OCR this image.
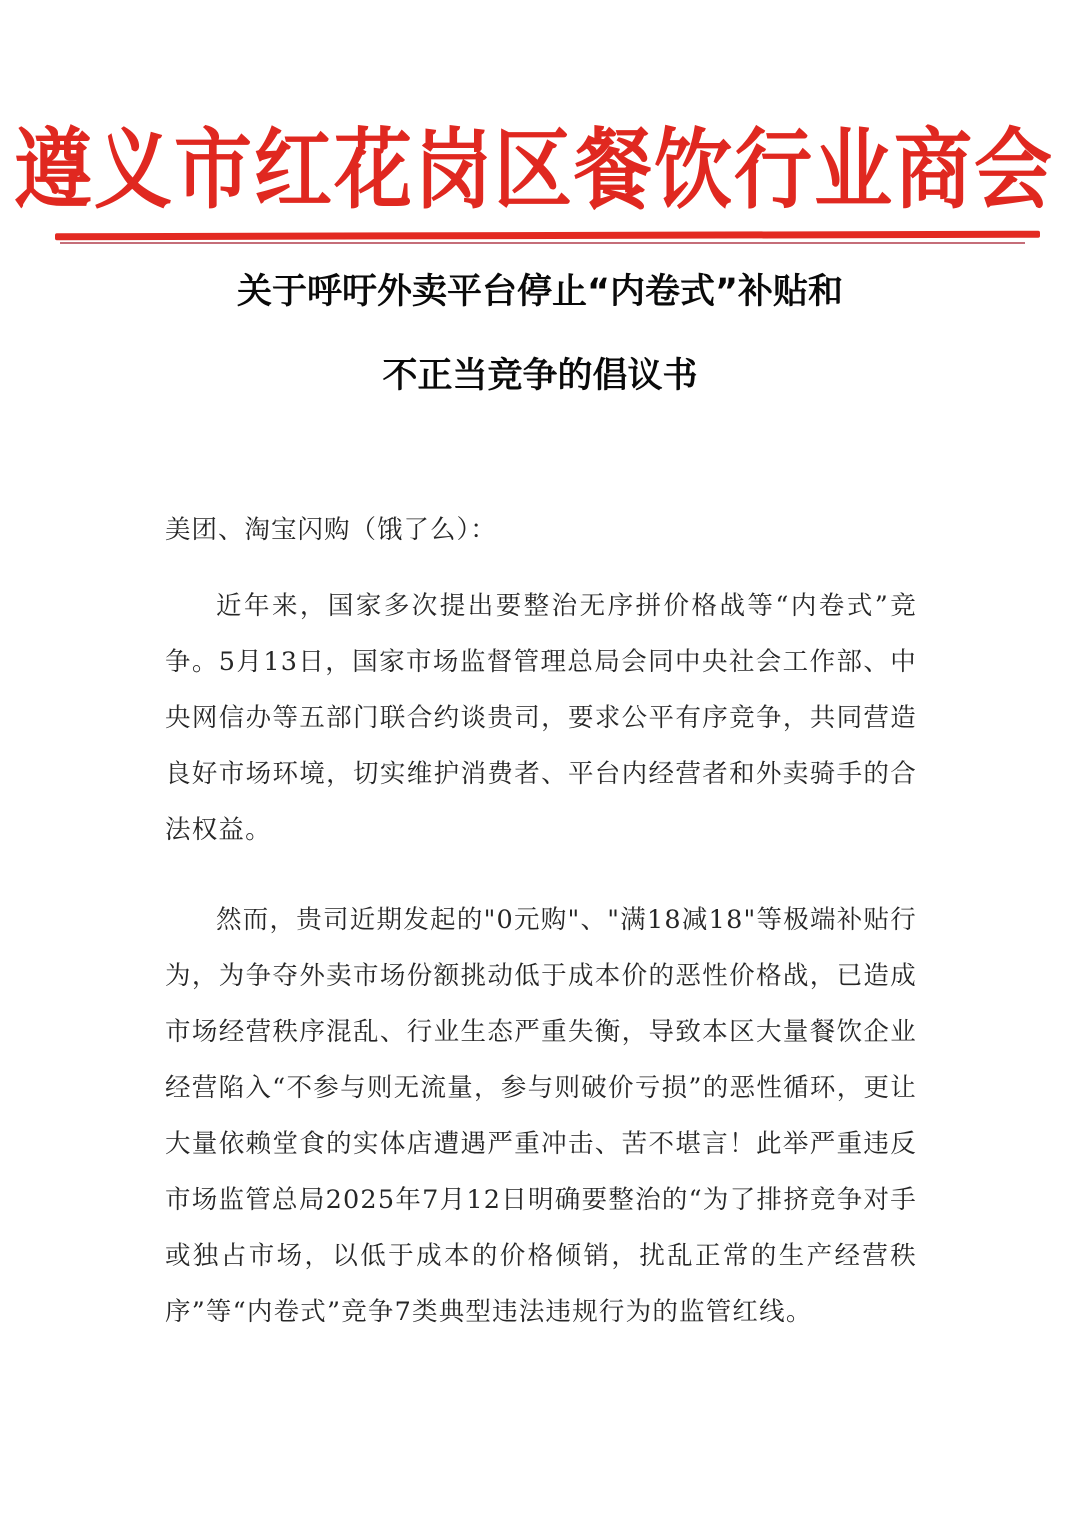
遵义市红花岗区餐饮行业商会
关于呼吁外卖平台停止“内卷式”补贴和
不正当竞争的倡议书
美团、淘宝闪购（饿了么）：

近年来，国家多次提出要整治无序拼价格战等“内卷式”竞争。5月13日，国家市场监督管理总局会同中央社会工作部、中央网信办等五部门联合约谈贵司，要求公平有序竞争，共同营造良好市场环境，切实维护消费者、平台内经营者和外卖骑手的合法权益。

然而，贵司近期发起的"0元购"、"满18减18"等极端补贴行为，为争夺外卖市场份额挑动低于成本价的恶性价格战，已造成市场经营秩序混乱、行业生态严重失衡，导致本区大量餐饮企业经营陷入“不参与则无流量，参与则破价亏损”的恶性循环，更让大量依赖堂食的实体店遭遇严重冲击、苦不堪言！此举严重违反市场监管总局2025年7月12日明确要整治的“为了排挤竞争对手或独占市场，以低于成本的价格倾销，扰乱正常的生产经营秩序”等“内卷式”竞争7类典型违法违规行为的监管红线。
